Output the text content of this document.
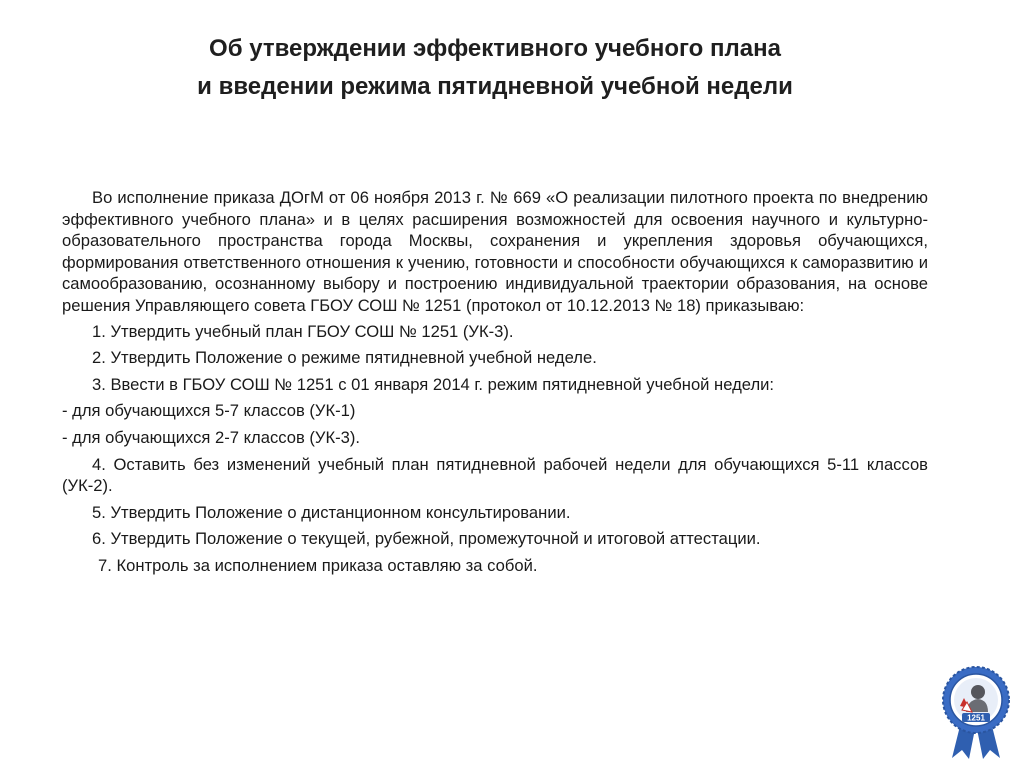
Об утверждении эффективного учебного плана
и введении режима пятидневной учебной недели

Во исполнение приказа ДОгМ от 06 ноября 2013 г. № 669 «О реализации пилотного проекта по внедрению эффективного учебного плана» и в целях расширения возможностей для освоения научного и культурно-образовательного пространства города Москвы, сохранения и укрепления здоровья обучающихся, формирования ответственного отношения к учению, готовности и способности обучающихся к саморазвитию и самообразованию, осознанному выбору и построению индивидуальной траектории образования, на основе решения Управляющего совета ГБОУ СОШ № 1251 (протокол от 10.12.2013 № 18) приказываю:

1. Утвердить учебный план ГБОУ СОШ № 1251 (УК-3).

2. Утвердить Положение о режиме пятидневной учебной неделе.

3. Ввести в ГБОУ СОШ № 1251 с 01 января 2014 г. режим пятидневной учебной недели:

- для обучающихся 5-7 классов (УК-1)

- для обучающихся 2-7 классов (УК-3).

4. Оставить без изменений учебный план пятидневной рабочей недели для обучающихся 5-11 классов (УК-2).

5. Утвердить Положение о дистанционном консультировании.

6. Утвердить Положение о текущей, рубежной, промежуточной и итоговой аттестации.

7. Контроль за исполнением приказа оставляю за собой.

1251
